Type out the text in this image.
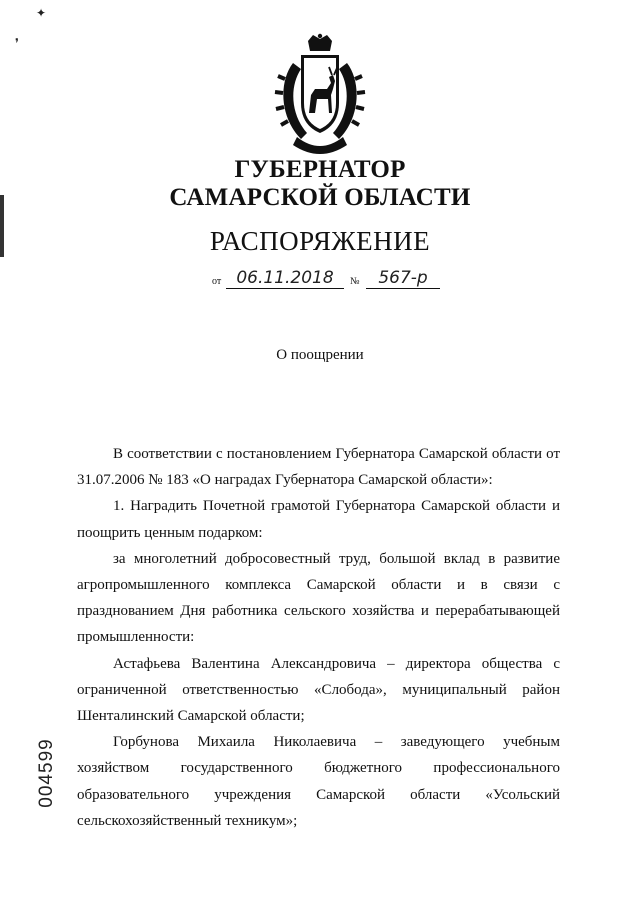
✦
❜
ГУБЕРНАТОР
САМАРСКОЙ ОБЛАСТИ
РАСПОРЯЖЕНИЕ
от 06.11.2018	№	567-р
О поощрении

В соответствии с постановлением Губернатора Самарской области от 31.07.2006 № 183 «О наградах Губернатора Самарской области»:

1. Наградить Почетной грамотой Губернатора Самарской области и поощрить ценным подарком:

за многолетний добросовестный труд, большой вклад в развитие агропромышленного комплекса Самарской области и в связи с празднованием Дня работника сельского хозяйства и перерабатывающей промышленности:

Астафьева Валентина Александровича – директора общества с ограниченной ответственностью «Слобода», муниципальный район Шенталинский Самарской области;

Горбунова Михаила Николаевича – заведующего учебным хозяйством государственного бюджетного профессионального образовательного учреждения Самарской области «Усольский сельскохозяйственный техникум»;

004599
